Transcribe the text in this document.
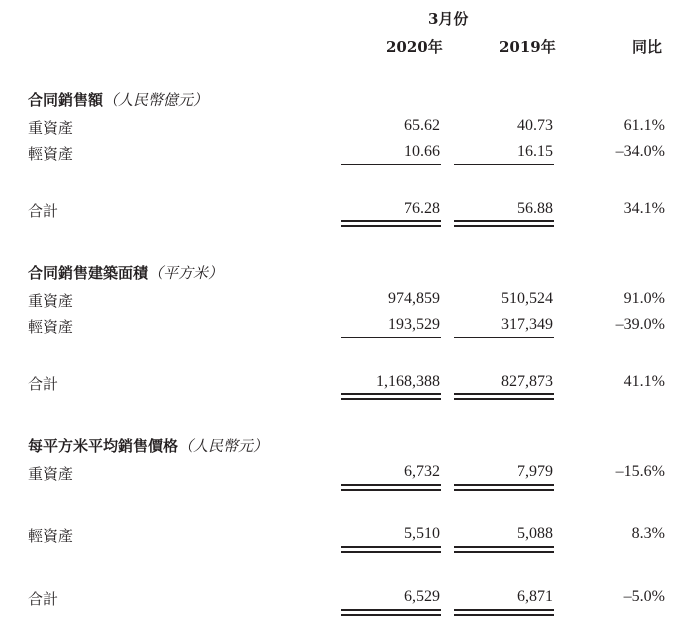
3月份
2020年	2019年	同比
合同銷售額（人民幣億元）
重資產	65.62	40.73	61.1%
輕資產	10.66	16.15	–34.0%
合計	76.28	56.88	34.1%
合同銷售建築面積（平方米）
重資產	974,859	510,524	91.0%
輕資產	193,529	317,349	–39.0%
合計	1,168,388	827,873	41.1%
每平方米平均銷售價格（人民幣元）
重資產	6,732	7,979	–15.6%
輕資產	5,510	5,088	8.3%
合計	6,529	6,871	–5.0%
